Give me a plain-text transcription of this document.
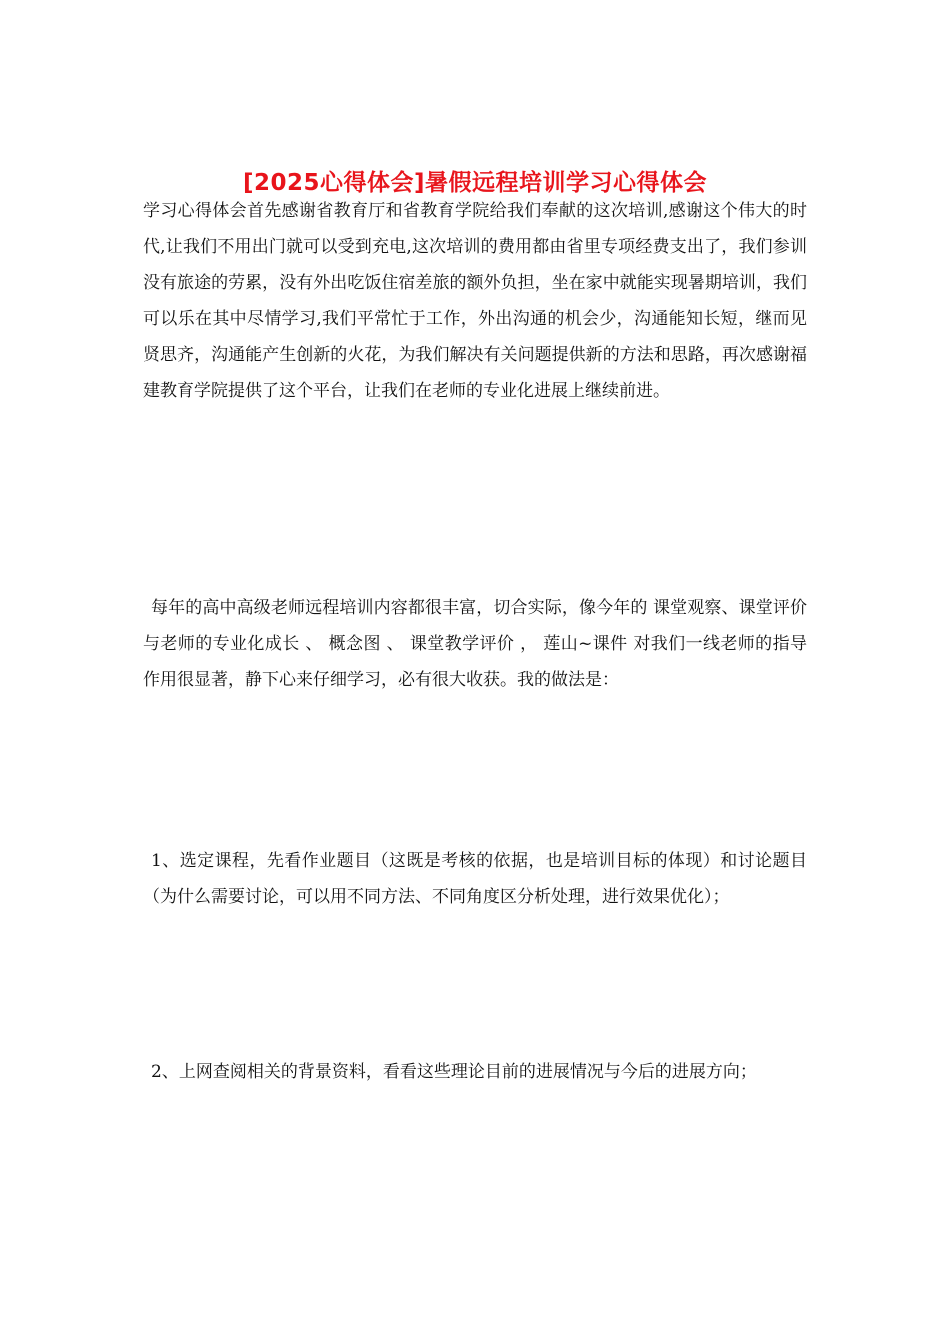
[2025心得体会]暑假远程培训学习心得体会

学习心得体会首先感谢省教育厅和省教育学院给我们奉献的这次培训,感谢这个伟大的时代,让我们不用出门就可以受到充电,这次培训的费用都由省里专项经费支出了，我们参训没有旅途的劳累，没有外出吃饭住宿差旅的额外负担，坐在家中就能实现暑期培训，我们可以乐在其中尽情学习,我们平常忙于工作，外出沟通的机会少，沟通能知长短，继而见贤思齐，沟通能产生创新的火花，为我们解决有关问题提供新的方法和思路，再次感谢福建教育学院提供了这个平台，让我们在老师的专业化进展上继续前进。

每年的高中高级老师远程培训内容都很丰富，切合实际，像今年的 课堂观察、课堂评价与老师的专业化成长 、 概念图 、 课堂教学评价 ， 莲山~课件 对我们一线老师的指导作用很显著，静下心来仔细学习，必有很大收获。我的做法是：

1、选定课程，先看作业题目（这既是考核的依据，也是培训目标的体现）和讨论题目（为什么需要讨论，可以用不同方法、不同角度区分析处理，进行效果优化）；

2、上网查阅相关的背景资料，看看这些理论目前的进展情况与今后的进展方向；
